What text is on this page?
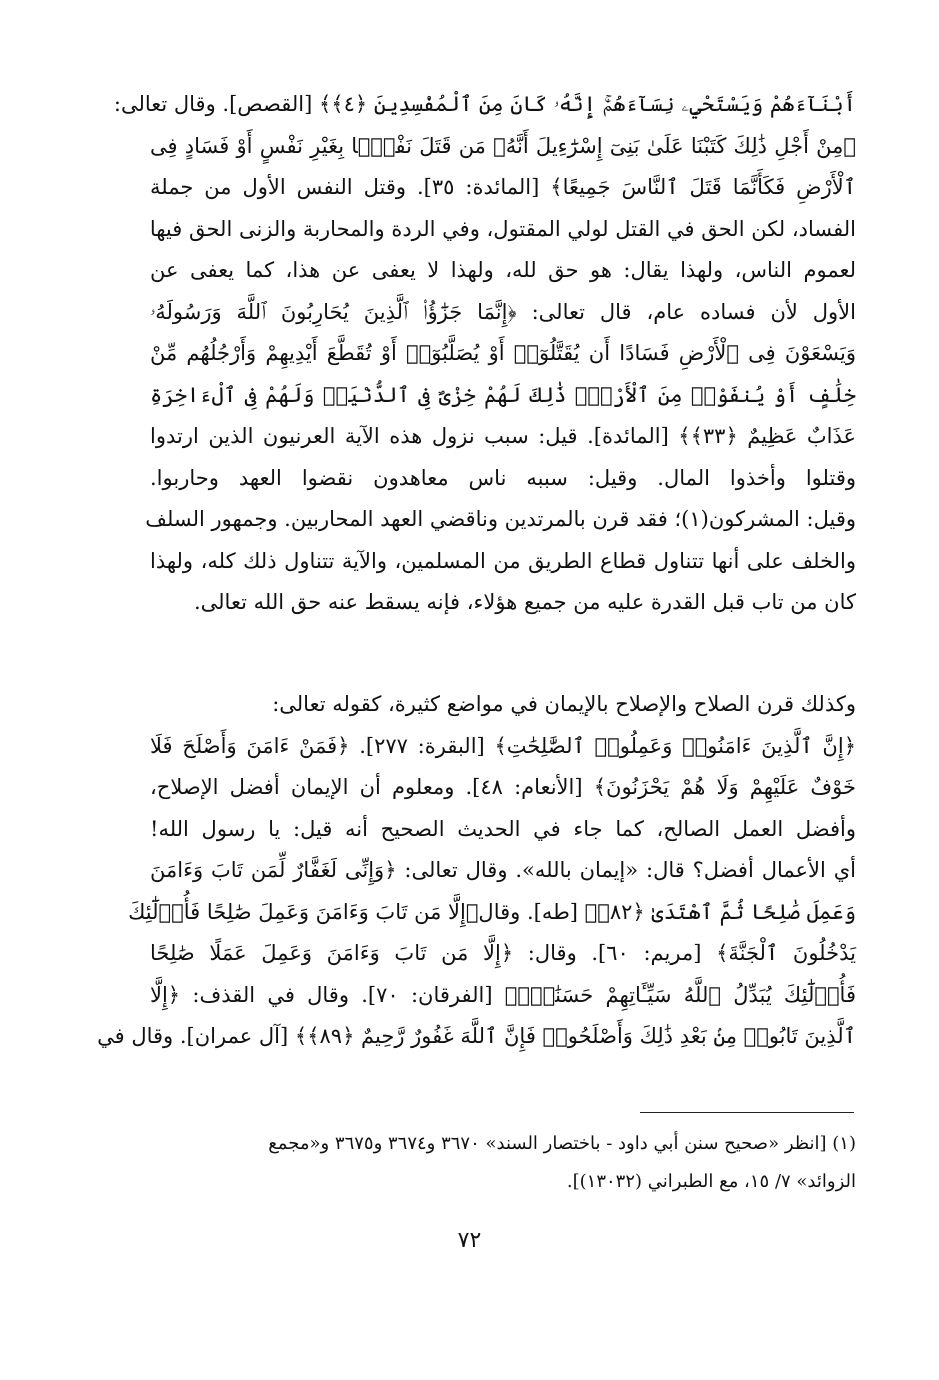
أَبْنَآءَهُمْ وَيَسْتَحْيِۦ نِسَآءَهُمْۚ إِنَّهُۥ كَانَ مِنَ ٱلْمُفْسِدِينَ ﴿٤﴾﴾ [القصص]. وقال تعالى:
﴿مِنْ أَجْلِ ذَٰلِكَ كَتَبْنَا عَلَىٰ بَنِىٓ إِسْرَٰٓءِيلَ أَنَّهُۥ مَن قَتَلَ نَفْسًۢا بِغَيْرِ نَفْسٍ أَوْ فَسَادٍ فِى
ٱلْأَرْضِ فَكَأَنَّمَا قَتَلَ ٱلنَّاسَ جَمِيعًا﴾ [المائدة: ٣٥]. وقتل النفس الأول من جملة
الفساد، لكن الحق في القتل لولي المقتول، وفي الردة والمحاربة والزنى الحق فيها
لعموم الناس، ولهذا يقال: هو حق لله، ولهذا لا يعفى عن هذا، كما يعفى عن
الأول لأن فساده عام، قال تعالى: ﴿إِنَّمَا جَزَٰٓؤُا۟ ٱلَّذِينَ يُحَارِبُونَ ٱللَّهَ وَرَسُولَهُۥ
وَيَسْعَوْنَ فِى ٱلْأَرْضِ فَسَادًا أَن يُقَتَّلُوٓا۟ أَوْ يُصَلَّبُوٓا۟ أَوْ تُقَطَّعَ أَيْدِيهِمْ وَأَرْجُلُهُم مِّنْ
خِلَٰفٍ أَوْ يُنفَوْا۟ مِنَ ٱلْأَرْضِۚ ذَٰلِكَ لَهُمْ خِزْىٌ فِى ٱلدُّنْيَاۖ وَلَهُمْ فِى ٱلْءَاخِرَةِ
عَذَابٌ عَظِيمٌ ﴿٣٣﴾﴾ [المائدة]. قيل: سبب نزول هذه الآية العرنيون الذين ارتدوا
وقتلوا وأخذوا المال. وقيل: سببه ناس معاهدون نقضوا العهد وحاربوا.
وقيل: المشركون(١)؛ فقد قرن بالمرتدين وناقضي العهد المحاربين. وجمهور السلف
والخلف على أنها تتناول قطاع الطريق من المسلمين، والآية تتناول ذلك كله، ولهذا
كان من تاب قبل القدرة عليه من جميع هؤلاء، فإنه يسقط عنه حق الله تعالى.
وكذلك قرن الصلاح والإصلاح بالإيمان في مواضع كثيرة، كقوله تعالى:
﴿إِنَّ ٱلَّذِينَ ءَامَنُوا۟ وَعَمِلُوا۟ ٱلصَّٰلِحَٰتِ﴾ [البقرة: ٢٧٧]. ﴿فَمَنْ ءَامَنَ وَأَصْلَحَ فَلَا
خَوْفٌ عَلَيْهِمْ وَلَا هُمْ يَحْزَنُونَ﴾ [الأنعام: ٤٨]. ومعلوم أن الإيمان أفضل الإصلاح،
وأفضل العمل الصالح، كما جاء في الحديث الصحيح أنه قيل: يا رسول الله!
أي الأعمال أفضل؟ قال: «إيمان بالله». وقال تعالى: ﴿وَإِنِّى لَغَفَّارٌ لِّمَن تَابَ وَءَامَنَ
وَعَمِلَ صَٰلِحًا ثُمَّ ٱهْتَدَىٰ ﴿٨٢﴾﴾ [طه]. وقال﴿إِلَّا مَن تَابَ وَءَامَنَ وَعَمِلَ صَٰلِحًا فَأُو۟لَٰٓئِكَ
يَدْخُلُونَ ٱلْجَنَّةَ﴾ [مريم: ٦٠]. وقال: ﴿إِلَّا مَن تَابَ وَءَامَنَ وَعَمِلَ عَمَلًا صَٰلِحًا
فَأُو۟لَٰٓئِكَ يُبَدِّلُ ٱللَّهُ سَيِّـَٔاتِهِمْ حَسَنَٰتٍۗ﴾ [الفرقان: ٧٠]. وقال في القذف: ﴿إِلَّا
ٱلَّذِينَ تَابُوا۟ مِنۢ بَعْدِ ذَٰلِكَ وَأَصْلَحُوا۟ فَإِنَّ ٱللَّهَ غَفُورٌ رَّحِيمٌ ﴿٨٩﴾﴾ [آل عمران]. وقال في
(١) [انظر «صحيح سنن أبي داود - باختصار السند» ٣٦٧٠ و٣٦٧٤ و٣٦٧٥ و«مجمع
الزوائد» ٧/ ١٥، مع الطبراني (١٣٠٣٢)].
٧٢
